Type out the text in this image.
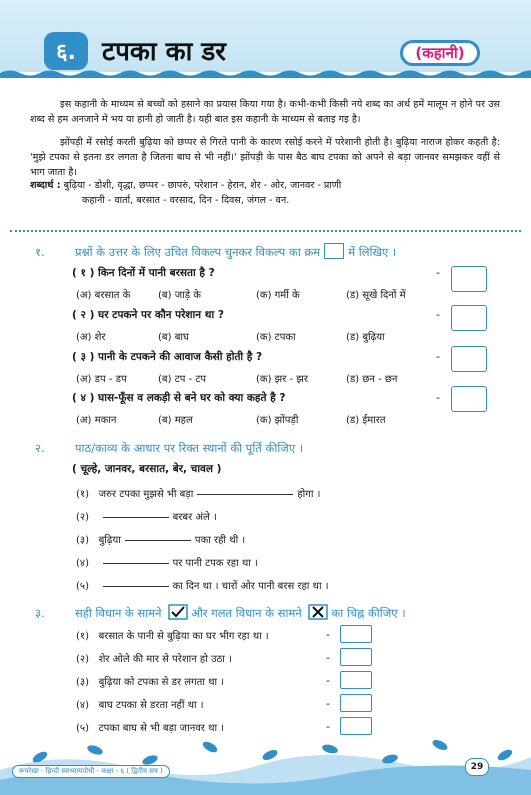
६.	टपका का डर	(कहानी)

इस कहानी के माध्यम से बच्चों को हसाने का प्रयास किया गया है। कभी-कभी किसी नये शब्द का अर्थ हमें मालूम न होने पर उस शब्द से हम अनजाने में भय या हानी हो जाती है। यही बात इस कहानी के माध्यम से बताइ गइ है।

झोंपड़ी में रसोई करती बुढ़िया को छप्पर से गिरते पानी के कारण रसोई करने में परेशानी होती है। बुढ़िया नाराज होकर कहती है: 'मुझे टपका से इतना डर लगता है जितना बाघ से भी नहीं।' झोंपड़ी के पास बैठ बाघ टपका को अपने से बड़ा जानवर समझकर वहीं से भाग जाता है।

शब्दार्थ : बुढ़िया - डोशी, वृद्धा, छप्पर - छापरुं, परेशान - हेरान, शेर - ओर, जानवर - प्राणी
कहानी - वार्ता, बरसात - वरसाद, दिन - दिवस, जंगल - वन.
१.	प्रश्नों के उत्तर के लिए उचित विकल्प चुनकर विकल्प का क्रम में लिखिए ।
( १ ) किन दिनों में पानी बरसता है ?
(अ) बरसात के	(ब) जाड़े के	(क) गर्मी के	(ड) सूखे दिनों में
-
( २ ) घर टपकने पर कौन परेशान था ?
(अ) शेर	(ब) बाघ	(क) टपका	(ड) बुढ़िया
-
( ३ ) पानी के टपकने की आवाज कैसी होती है ?
(अ) डप - डप	(ब) टप - टप	(क) झर - झर	(ड) छन - छन
-
( ४ ) घास-फूँस व लकड़ी से बने घर को क्या कहते है ?
(अ) मकान	(ब) महल	(क) झोंपड़ी	(ड) ईमारत
-
२.	पाठ/काव्य के आधार पर रिक्त स्थानों की पूर्ति कीजिए ।
( चूल्हे, जानवर, बरसात, बेर, चावल )
(१) जरुर टपका मुझसे भी बड़ा	होगा ।
(२)	बरबर अंले ।
(३) बुढ़िया	पका रही थी ।
(४)	पर पानी टपक रहा था ।
(५)	का दिन था । चारों ओर पानी बरस रहा था ।
३.	सही विधान के सामने	और गलत विधान के सामने	का चिह्न कीजिए ।
(१) बरसात के पानी से बुढ़िया का घर भीग रहा था ।	-
(२) शेर ओले की मार से परेशान हो उठा ।	-
(३) बुढ़िया को टपका से डर लगता था ।	-
(४) बाघ टपका से डरता नहीं था ।	-
(५) टपका बाघ से भी बड़ा जानवर था ।	-
रूपरेखा - हिन्दी स्वाध्यायपोथी - कक्षा - ६ ( द्वितीय सत्र )	29
